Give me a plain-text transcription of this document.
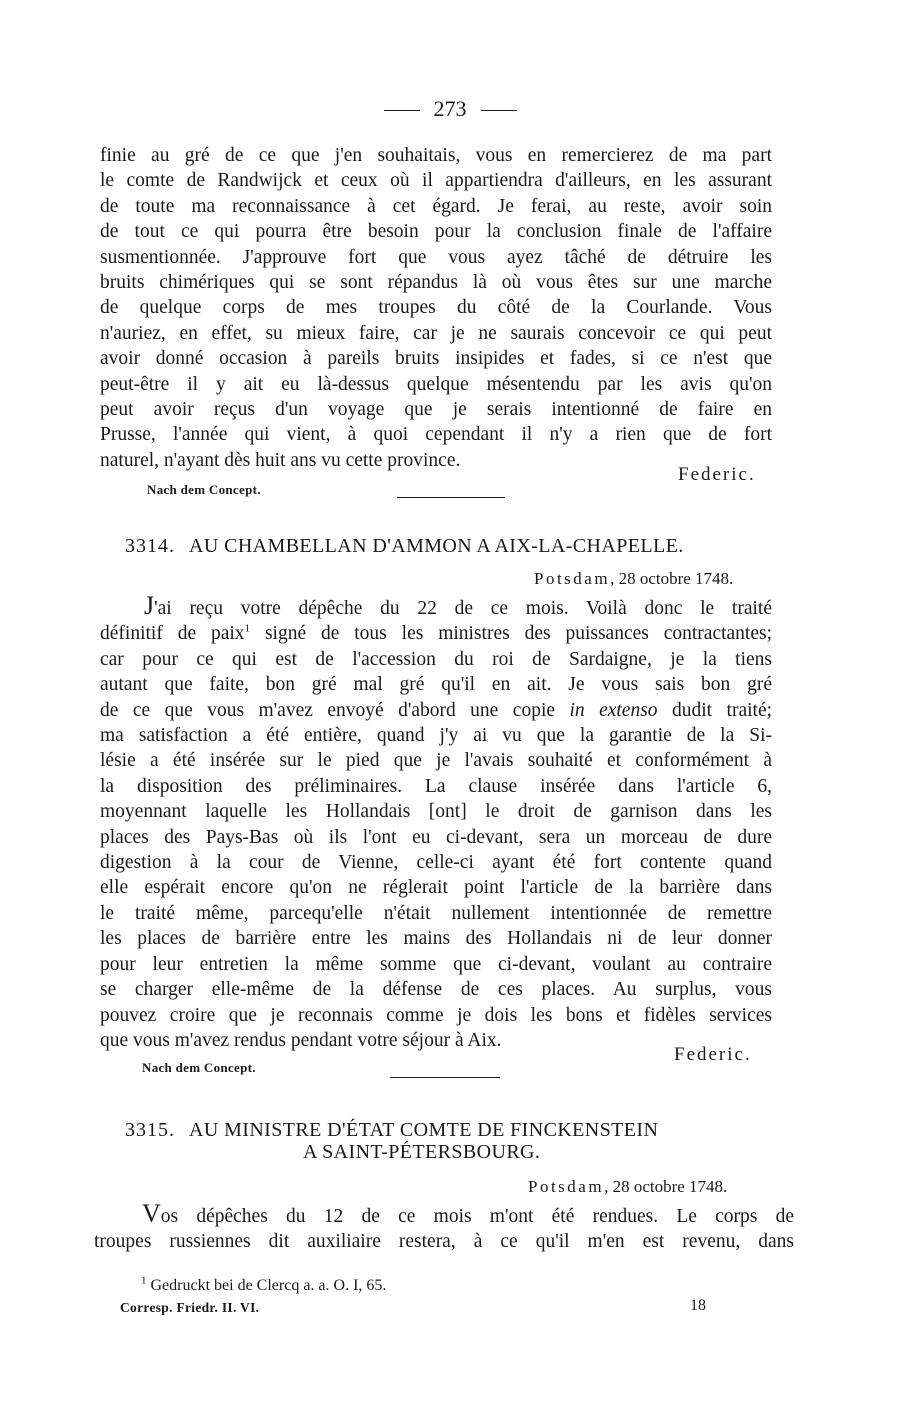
273

finie au gré de ce que j'en souhaitais, vous en remercierez de ma part
le comte de Randwijck et ceux où il appartiendra d'ailleurs, en les assurant
de toute ma reconnaissance à cet égard. Je ferai, au reste, avoir soin
de tout ce qui pourra être besoin pour la conclusion finale de l'affaire
susmentionnée. J'approuve fort que vous ayez tâché de détruire les
bruits chimériques qui se sont répandus là où vous êtes sur une marche
de quelque corps de mes troupes du côté de la Courlande. Vous
n'auriez, en effet, su mieux faire, car je ne saurais concevoir ce qui peut
avoir donné occasion à pareils bruits insipides et fades, si ce n'est que
peut-être il y ait eu là-dessus quelque mésentendu par les avis qu'on
peut avoir reçus d'un voyage que je serais intentionné de faire en
Prusse, l'année qui vient, à quoi cependant il n'y a rien que de fort
naturel, n'ayant dès huit ans vu cette province.

Federic.
Nach dem Concept.
3314. AU CHAMBELLAN D'AMMON A AIX-LA-CHAPELLE.
Potsdam, 28 octobre 1748.

J'ai reçu votre dépêche du 22 de ce mois. Voilà donc le traité
définitif de paix$^1$ signé de tous les ministres des puissances contractantes;
car pour ce qui est de l'accession du roi de Sardaigne, je la tiens
autant que faite, bon gré mal gré qu'il en ait. Je vous sais bon gré
de ce que vous m'avez envoyé d'abord une copie in extenso dudit traité;
ma satisfaction a été entière, quand j'y ai vu que la garantie de la Si-
lésie a été insérée sur le pied que je l'avais souhaité et conformément à
la disposition des préliminaires. La clause insérée dans l'article 6,
moyennant laquelle les Hollandais [ont] le droit de garnison dans les
places des Pays-Bas où ils l'ont eu ci-devant, sera un morceau de dure
digestion à la cour de Vienne, celle-ci ayant été fort contente quand
elle espérait encore qu'on ne réglerait point l'article de la barrière dans
le traité même, parcequ'elle n'était nullement intentionnée de remettre
les places de barrière entre les mains des Hollandais ni de leur donner
pour leur entretien la même somme que ci-devant, voulant au contraire
se charger elle-même de la défense de ces places. Au surplus, vous
pouvez croire que je reconnais comme je dois les bons et fidèles services
que vous m'avez rendus pendant votre séjour à Aix.

Federic.
Nach dem Concept.
3315. AU MINISTRE D'ÉTAT COMTE DE FINCKENSTEIN
A SAINT-PÉTERSBOURG.
Potsdam, 28 octobre 1748.

Vos dépêches du 12 de ce mois m'ont été rendues. Le corps de
troupes russiennes dit auxiliaire restera, à ce qu'il m'en est revenu, dans

$^1$ Gedruckt bei de Clercq a. a. O. I, 65.
Corresp. Friedr. II. VI.	18
